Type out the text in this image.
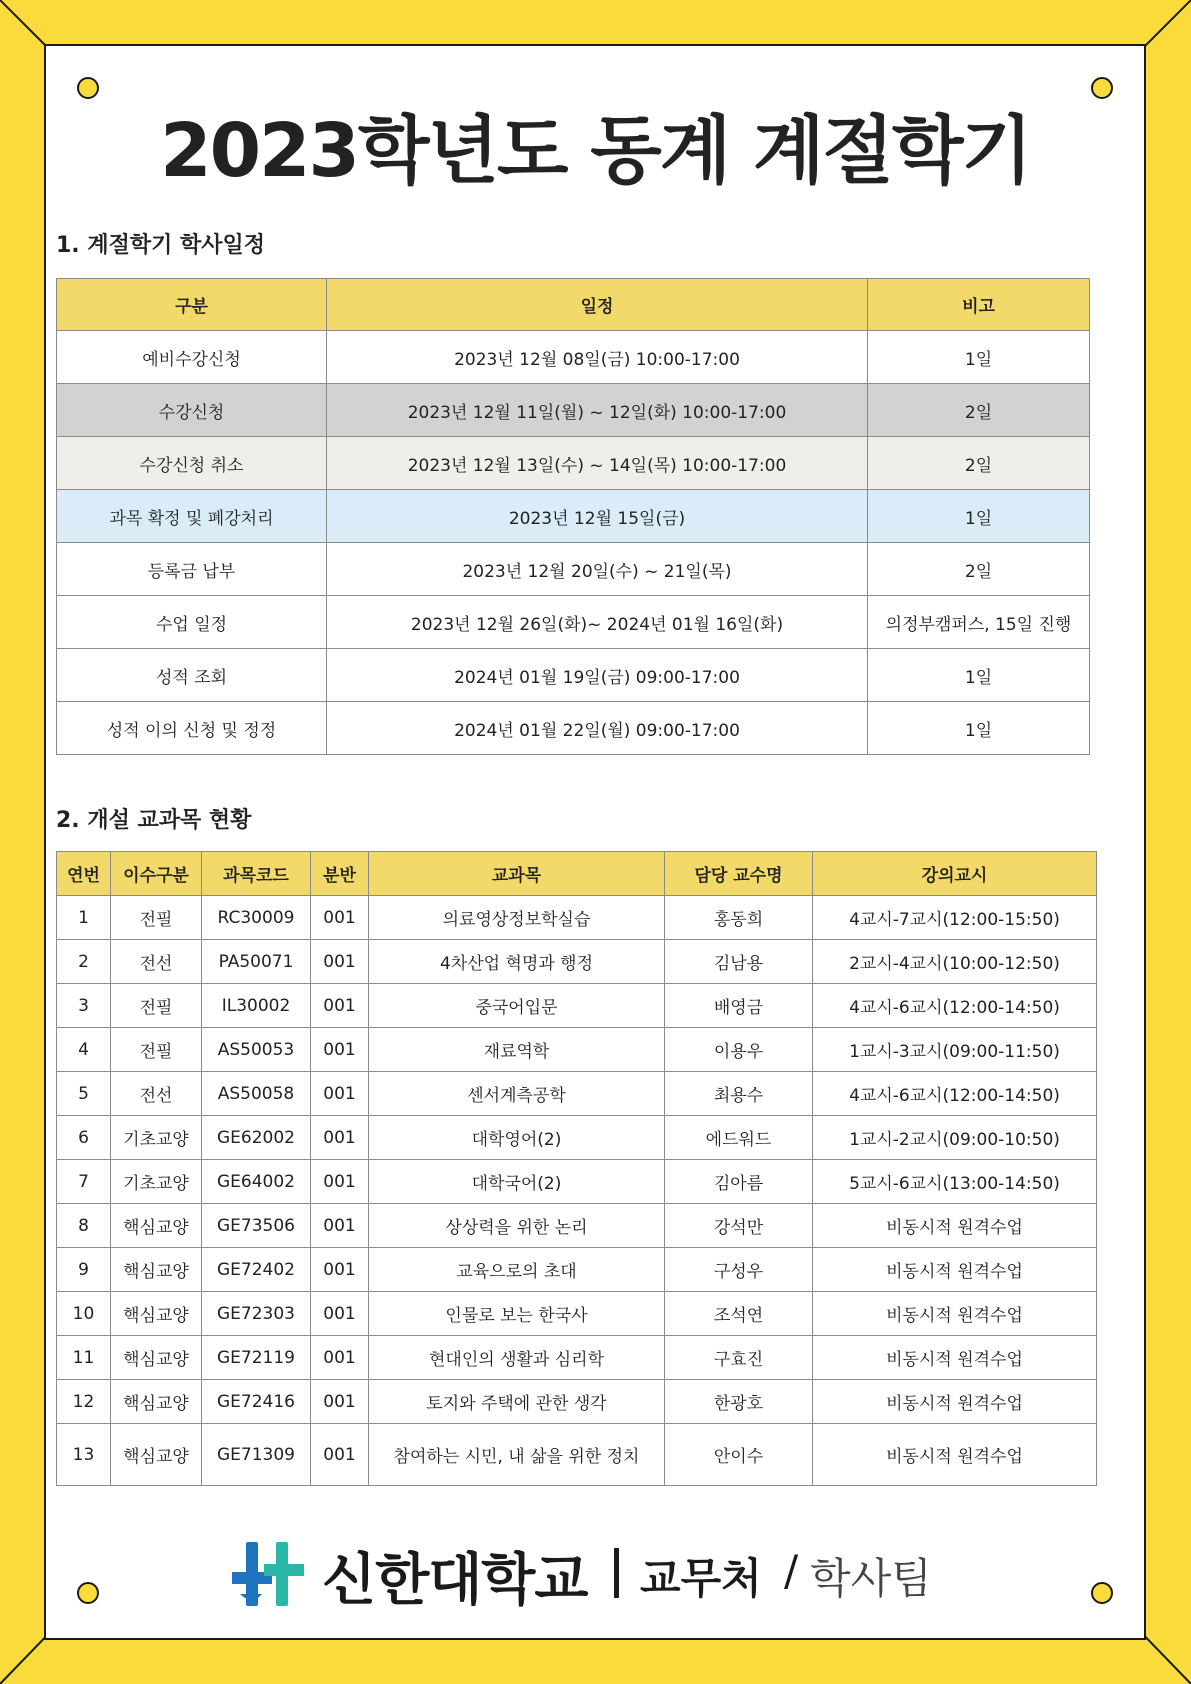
2023학년도 동계 계절학기
1. 계절학기 학사일정
구분	일정	비고
예비수강신청	2023년 12월 08일(금) 10:00-17:00	1일
수강신청	2023년 12월 11일(월) ~ 12일(화) 10:00-17:00	2일
수강신청 취소	2023년 12월 13일(수) ~ 14일(목) 10:00-17:00	2일
과목 확정 및 폐강처리	2023년 12월 15일(금)	1일
등록금 납부	2023년 12월 20일(수) ~ 21일(목)	2일
수업 일정	2023년 12월 26일(화)~ 2024년 01월 16일(화)	의정부캠퍼스, 15일 진행
성적 조회	2024년 01월 19일(금) 09:00-17:00	1일
성적 이의 신청 및 정정	2024년 01월 22일(월) 09:00-17:00	1일
2. 개설 교과목 현황
연번	이수구분	과목코드	분반	교과목	담당 교수명	강의교시
1	전필	RC30009	001	의료영상정보학실습	홍동희	4교시-7교시(12:00-15:50)
2	전선	PA50071	001	4차산업 혁명과 행정	김남용	2교시-4교시(10:00-12:50)
3	전필	IL30002	001	중국어입문	배영금	4교시-6교시(12:00-14:50)
4	전필	AS50053	001	재료역학	이용우	1교시-3교시(09:00-11:50)
5	전선	AS50058	001	센서계측공학	최용수	4교시-6교시(12:00-14:50)
6	기초교양	GE62002	001	대학영어(2)	에드워드	1교시-2교시(09:00-10:50)
7	기초교양	GE64002	001	대학국어(2)	김아름	5교시-6교시(13:00-14:50)
8	핵심교양	GE73506	001	상상력을 위한 논리	강석만	비동시적 원격수업
9	핵심교양	GE72402	001	교육으로의 초대	구성우	비동시적 원격수업
10	핵심교양	GE72303	001	인물로 보는 한국사	조석연	비동시적 원격수업
11	핵심교양	GE72119	001	현대인의 생활과 심리학	구효진	비동시적 원격수업
12	핵심교양	GE72416	001	토지와 주택에 관한 생각	한광호	비동시적 원격수업
13	핵심교양	GE71309	001	참여하는 시민, 내 삶을 위한 정치	안이수	비동시적 원격수업
신한대학교 교무처 / 학사팀
